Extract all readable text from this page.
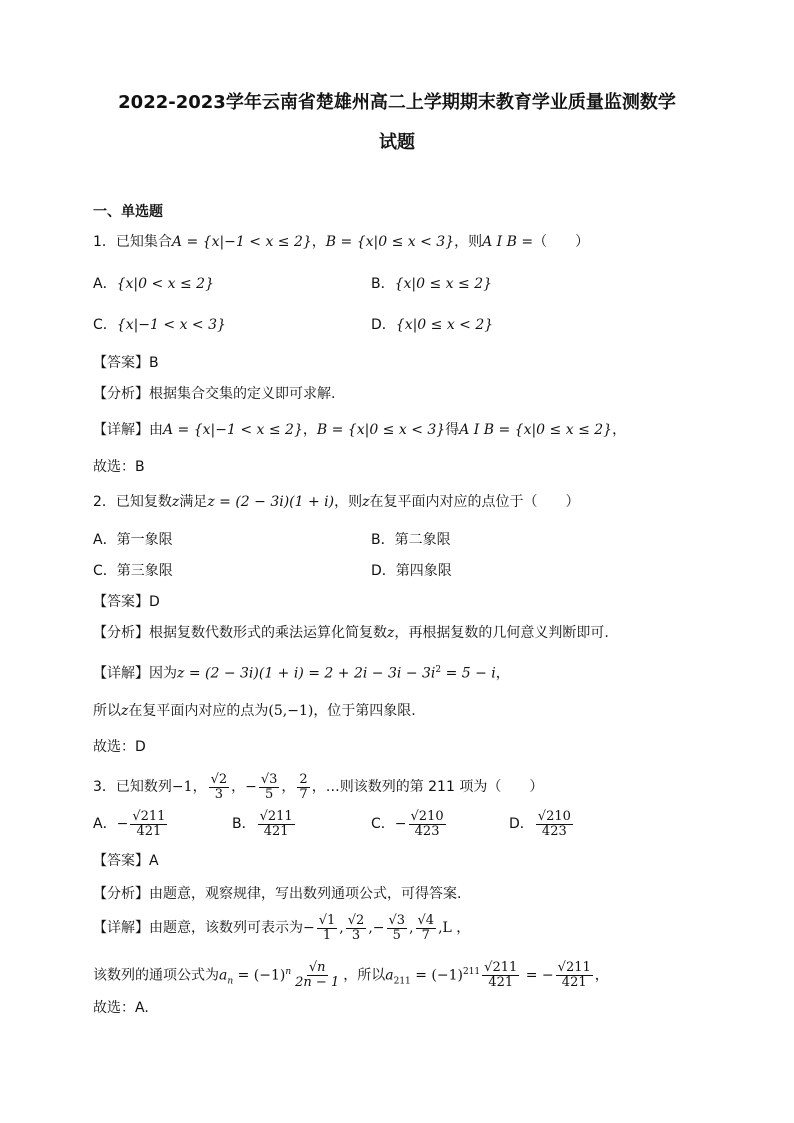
2022-2023学年云南省楚雄州高二上学期期末教育学业质量监测数学
试题
一、单选题
1．已知集合A = {x|−1 < x ≤ 2}，B = {x|0 ≤ x < 3}，则A I B =（　　）
A．{x|0 < x ≤ 2}	B．{x|0 ≤ x ≤ 2}
C．{x|−1 < x < 3}	D．{x|0 ≤ x < 2}
【答案】B
【分析】根据集合交集的定义即可求解.
【详解】由A = {x|−1 < x ≤ 2}，B = {x|0 ≤ x < 3}得A I B = {x|0 ≤ x ≤ 2}，
故选：B
2．已知复数z满足z = (2 − 3i)(1 + i)，则z在复平面内对应的点位于（　　）
A．第一象限	B．第二象限
C．第三象限	D．第四象限
【答案】D
【分析】根据复数代数形式的乘法运算化简复数z，再根据复数的几何意义判断即可.
【详解】因为$z = (2 - 3i)(1 + i) = 2 + 2i - 3i - 3i^2 = 5 - i$，
所以z在复平面内对应的点为(5,−1)，位于第四象限.
故选：D
3．已知数列−1， $\frac{√2}{3}$ ，− $\frac{√3}{5}$ ， $\frac{2}{7}$ ，…则该数列的第 211 项为（　　）
A．− $\frac{√211}{421}$	B． $\frac{√211}{421}$	C．− $\frac{√210}{423}$	D． $\frac{√210}{423}$
【答案】A
【分析】由题意，观察规律，写出数列通项公式，可得答案.
【详解】由题意，该数列可表示为− $\frac{√1}{1}$ , $\frac{√2}{3}$ ,− $\frac{√3}{5}$ , $\frac{√4}{7} ,L$ ，
该数列的通项公式为$a_n = (-1)^n \frac{√n}{2n - 1}$ ，所以$a_{211} = (-1)^{211} \frac{√211}{421}$ = − $\frac{√211}{421}$ ，
故选：A.
